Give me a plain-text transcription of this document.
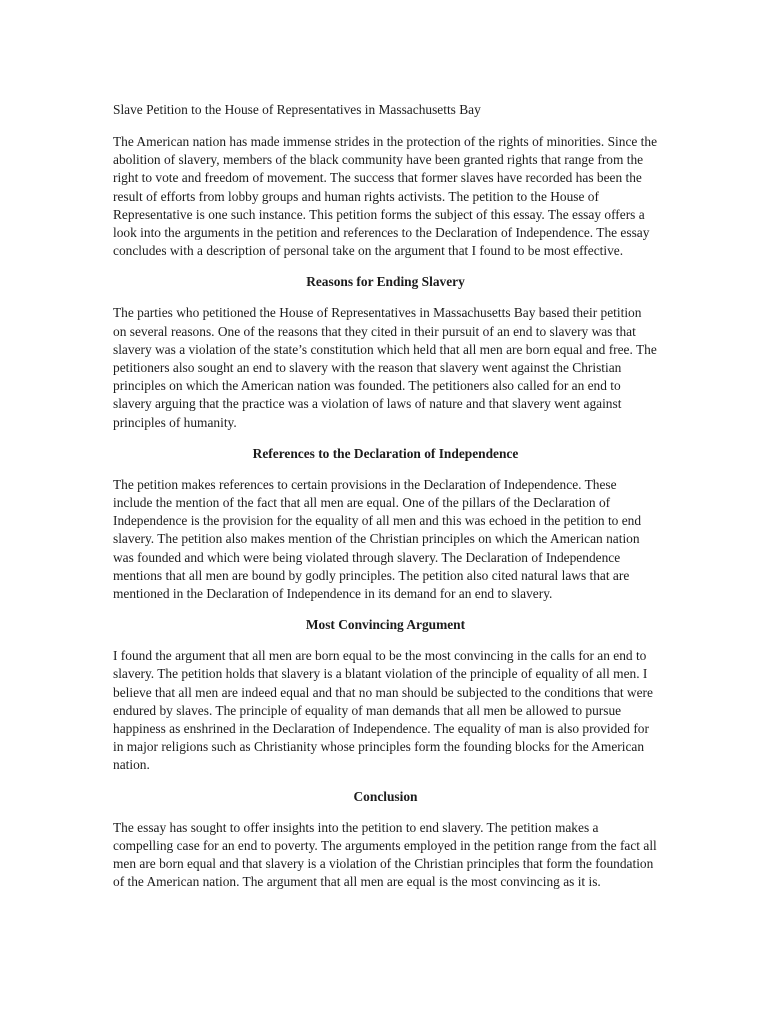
Slave Petition to the House of Representatives in Massachusetts Bay

The American nation has made immense strides in the protection of the rights of minorities. Since the abolition of slavery, members of the black community have been granted rights that range from the right to vote and freedom of movement. The success that former slaves have recorded has been the result of efforts from lobby groups and human rights activists. The petition to the House of Representative is one such instance. This petition forms the subject of this essay. The essay offers a look into the arguments in the petition and references to the Declaration of Independence. The essay concludes with a description of personal take on the argument that I found to be most effective.

Reasons for Ending Slavery

The parties who petitioned the House of Representatives in Massachusetts Bay based their petition on several reasons. One of the reasons that they cited in their pursuit of an end to slavery was that slavery was a violation of the state’s constitution which held that all men are born equal and free. The petitioners also sought an end to slavery with the reason that slavery went against the Christian principles on which the American nation was founded. The petitioners also called for an end to slavery arguing that the practice was a violation of laws of nature and that slavery went against principles of humanity.

References to the Declaration of Independence

The petition makes references to certain provisions in the Declaration of Independence. These include the mention of the fact that all men are equal. One of the pillars of the Declaration of Independence is the provision for the equality of all men and this was echoed in the petition to end slavery. The petition also makes mention of the Christian principles on which the American nation was founded and which were being violated through slavery. The Declaration of Independence mentions that all men are bound by godly principles. The petition also cited natural laws that are mentioned in the Declaration of Independence in its demand for an end to slavery.

Most Convincing Argument

I found the argument that all men are born equal to be the most convincing in the calls for an end to slavery. The petition holds that slavery is a blatant violation of the principle of equality of all men. I believe that all men are indeed equal and that no man should be subjected to the conditions that were endured by slaves. The principle of equality of man demands that all men be allowed to pursue happiness as enshrined in the Declaration of Independence. The equality of man is also provided for in major religions such as Christianity whose principles form the founding blocks for the American nation.

Conclusion

The essay has sought to offer insights into the petition to end slavery. The petition makes a compelling case for an end to poverty. The arguments employed in the petition range from the fact all men are born equal and that slavery is a violation of the Christian principles that form the foundation of the American nation. The argument that all men are equal is the most convincing as it is.
